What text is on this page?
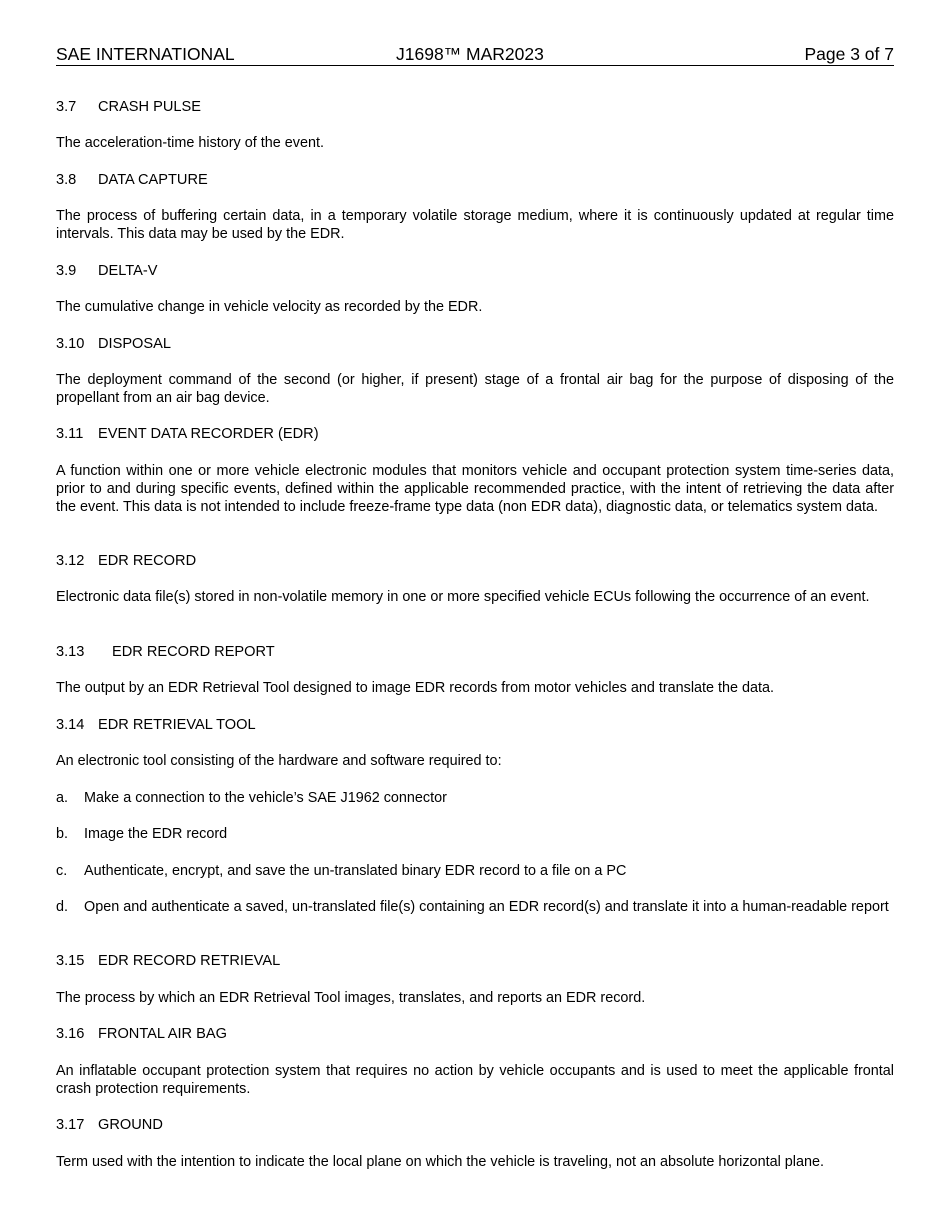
SAE INTERNATIONAL	J1698™ MAR2023	Page 3 of 7
3.7 CRASH PULSE
The acceleration-time history of the event.
3.8 DATA CAPTURE
The process of buffering certain data, in a temporary volatile storage medium, where it is continuously updated at regular time intervals. This data may be used by the EDR.
3.9 DELTA-V
The cumulative change in vehicle velocity as recorded by the EDR.
3.10 DISPOSAL
The deployment command of the second (or higher, if present) stage of a frontal air bag for the purpose of disposing of the propellant from an air bag device.
3.11 EVENT DATA RECORDER (EDR)
A function within one or more vehicle electronic modules that monitors vehicle and occupant protection system time-series data, prior to and during specific events, defined within the applicable recommended practice, with the intent of retrieving the data after the event. This data is not intended to include freeze-frame type data (non EDR data), diagnostic data, or telematics system data.
3.12 EDR RECORD
Electronic data file(s) stored in non-volatile memory in one or more specified vehicle ECUs following the occurrence of an event.
3.13 EDR RECORD REPORT
The output by an EDR Retrieval Tool designed to image EDR records from motor vehicles and translate the data.
3.14 EDR RETRIEVAL TOOL
An electronic tool consisting of the hardware and software required to:
a. Make a connection to the vehicle’s SAE J1962 connector
b. Image the EDR record
c. Authenticate, encrypt, and save the un-translated binary EDR record to a file on a PC
d. Open and authenticate a saved, un-translated file(s) containing an EDR record(s) and translate it into a human-readable report
3.15 EDR RECORD RETRIEVAL
The process by which an EDR Retrieval Tool images, translates, and reports an EDR record.
3.16 FRONTAL AIR BAG
An inflatable occupant protection system that requires no action by vehicle occupants and is used to meet the applicable frontal crash protection requirements.
3.17 GROUND
Term used with the intention to indicate the local plane on which the vehicle is traveling, not an absolute horizontal plane.
